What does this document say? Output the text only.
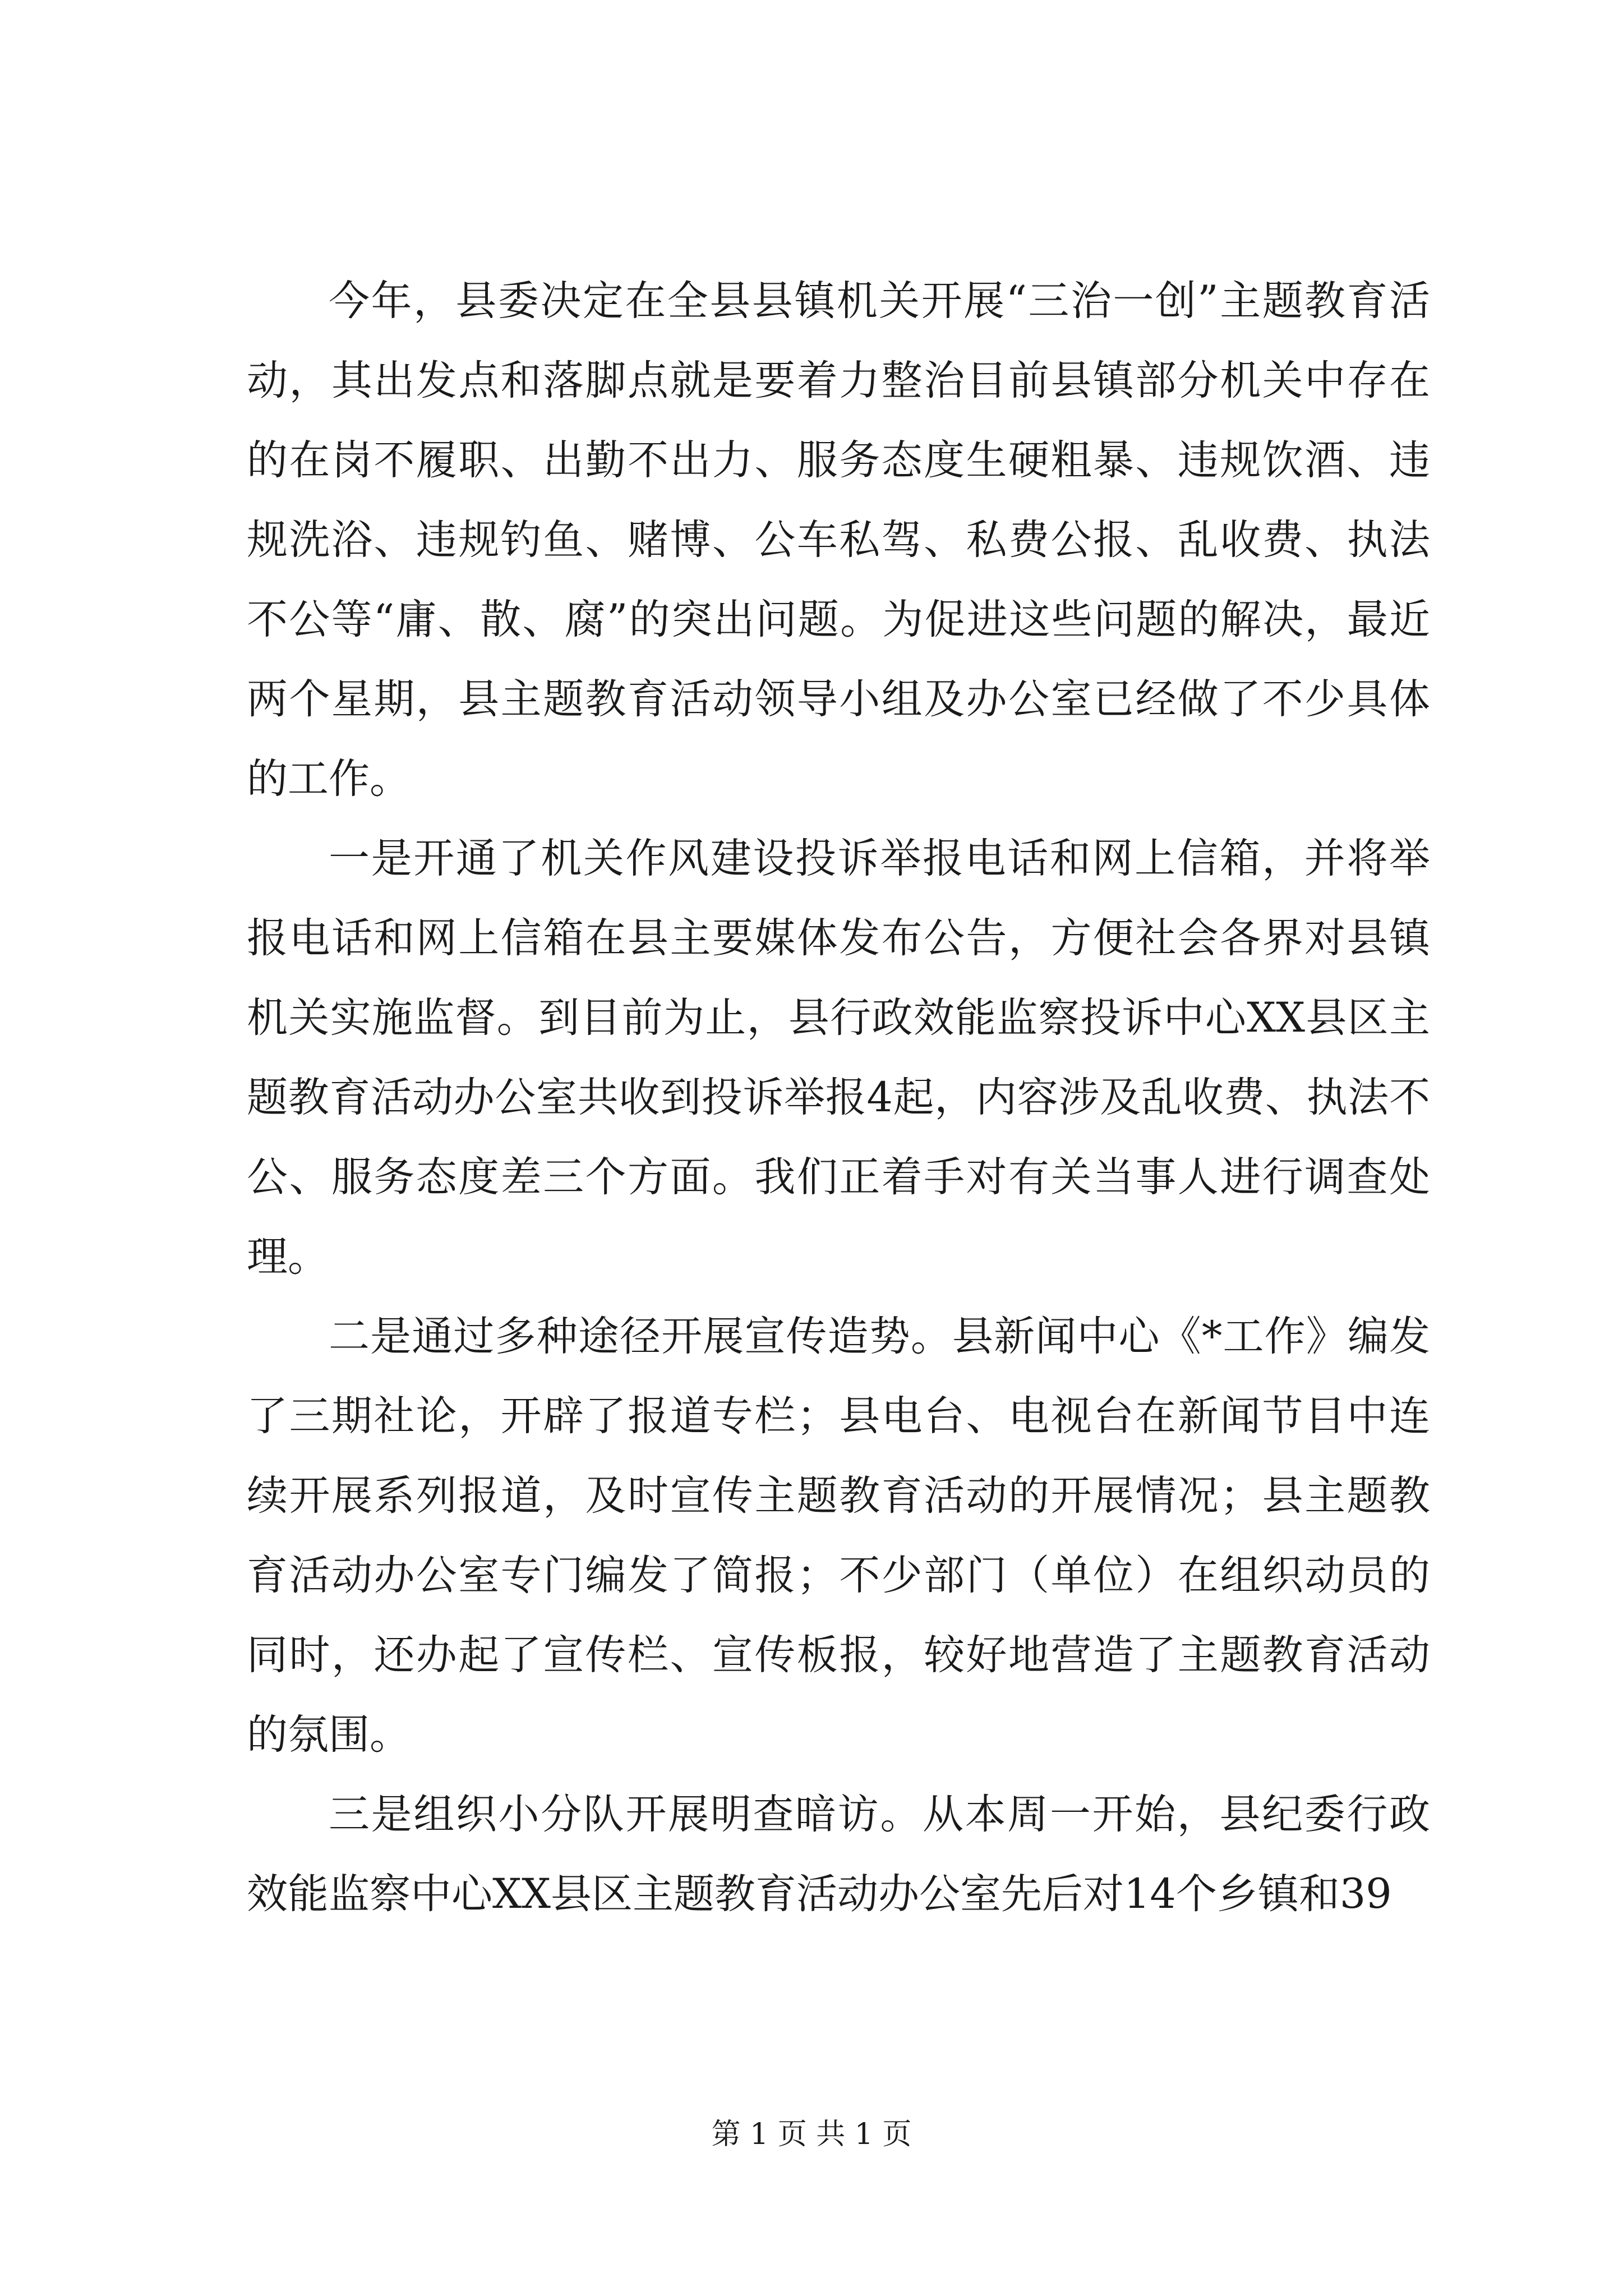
今年，县委决定在全县县镇机关开展“三治一创”主题教育活动，其出发点和落脚点就是要着力整治目前县镇部分机关中存在的在岗不履职、出勤不出力、服务态度生硬粗暴、违规饮酒、违规洗浴、违规钓鱼、赌博、公车私驾、私费公报、乱收费、执法不公等“庸、散、腐”的突出问题。为促进这些问题的解决，最近两个星期，县主题教育活动领导小组及办公室已经做了不少具体的工作。

一是开通了机关作风建设投诉举报电话和网上信箱，并将举报电话和网上信箱在县主要媒体发布公告，方便社会各界对县镇机关实施监督。到目前为止，县行政效能监察投诉中心XX县区主题教育活动办公室共收到投诉举报4起，内容涉及乱收费、执法不公、服务态度差三个方面。我们正着手对有关当事人进行调查处理。

二是通过多种途径开展宣传造势。县新闻中心《*工作》编发了三期社论，开辟了报道专栏；县电台、电视台在新闻节目中连续开展系列报道，及时宣传主题教育活动的开展情况；县主题教育活动办公室专门编发了简报；不少部门（单位）在组织动员的同时，还办起了宣传栏、宣传板报，较好地营造了主题教育活动的氛围。

三是组织小分队开展明查暗访。从本周一开始，县纪委行政效能监察中心XX县区主题教育活动办公室先后对14个乡镇和39

第 1 页 共 1 页
